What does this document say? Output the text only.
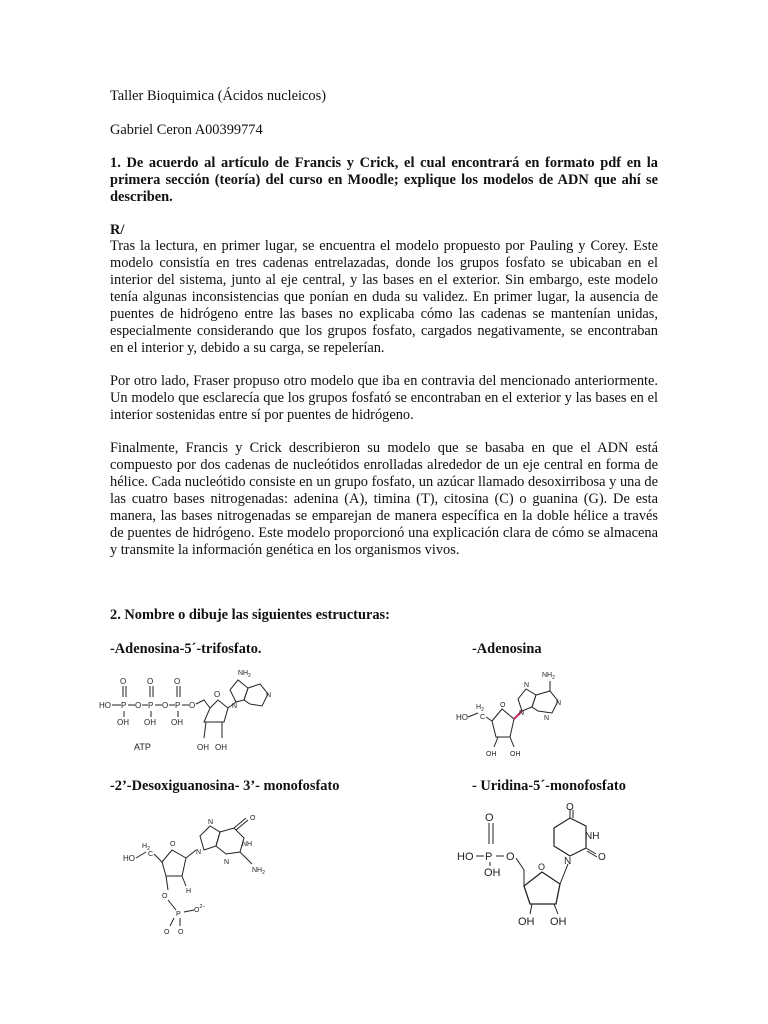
Taller Bioquimica (Ácidos nucleicos)
Gabriel Ceron A00399774
1. De acuerdo al artículo de Francis y Crick, el cual encontrará en formato pdf en la primera sección (teoría) del curso en Moodle; explique los modelos de ADN que ahí se describen.
R/

Tras la lectura, en primer lugar, se encuentra el modelo propuesto por Pauling y Corey. Este modelo consistía en tres cadenas entrelazadas, donde los grupos fosfato se ubicaban en el interior del sistema, junto al eje central, y las bases en el exterior. Sin embargo, este modelo tenía algunas inconsistencias que ponían en duda su validez. En primer lugar, la ausencia de puentes de hidrógeno entre las bases no explicaba cómo las cadenas se mantenían unidas, especialmente considerando que los grupos fosfato, cargados negativamente, se encontraban en el interior y, debido a su carga, se repelerían.

Por otro lado, Fraser propuso otro modelo que iba en contravia del mencionado anteriormente. Un modelo que esclarecía que los grupos fosfató se encontraban en el exterior y las bases en el interior sostenidas entre sí por puentes de hidrógeno.

Finalmente, Francis y Crick describieron su modelo que se basaba en que el ADN está compuesto por dos cadenas de nucleótidos enrolladas alrededor de un eje central en forma de hélice. Cada nucleótido consiste en un grupo fosfato, un azúcar llamado desoxirribosa y una de las cuatro bases nitrogenadas: adenina (A), timina (T), citosina (C) o guanina (G). De esta manera, las bases nitrogenadas se emparejan de manera específica en la doble hélice a través de puentes de hidrógeno. Este modelo proporcionó una explicación clara de cómo se almacena y transmite la información genética en los organismos vivos.

2. Nombre o dibuje las siguientes estructuras:
-Adenosina-5´-trifosfato.	-Adenosina
HO P
O
OH
O P
O
OH
O P
O
OH
O
O
OH OH
$NH_2$
N
N
ATP
HO
$H_2$
C
O
OH OH
$NH_2$
N
N
N
N
-2’-Desoxiguanosina- 3’- monofosfato	- Uridina-5´-monofosfato
HO
$H_2$
C
O
H
O
P
O O
$O^{2-}$
N
N
O
NH
N
$NH_2$
O
HO P O
OH	O
OH OH
N
O
NH
O
